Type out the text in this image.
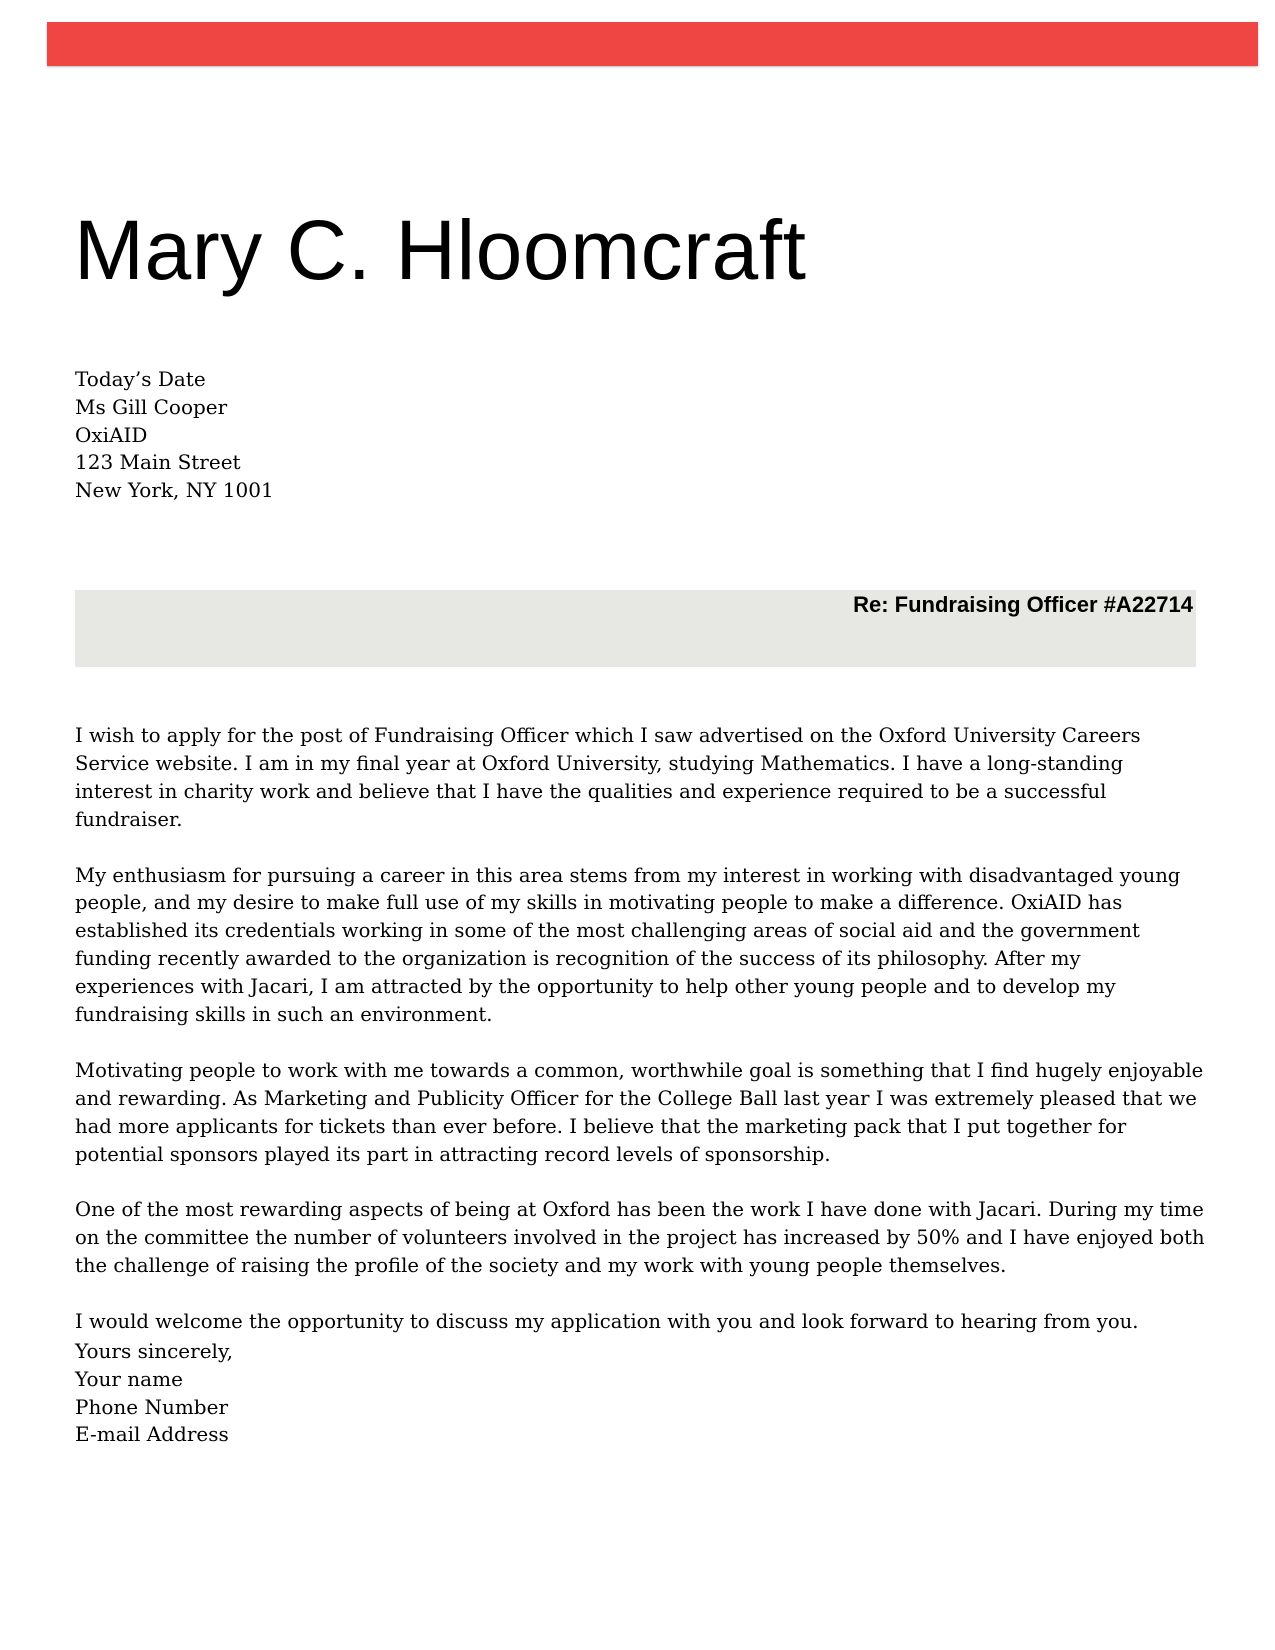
Mary C. Hloomcraft
Today’s Date
Ms Gill Cooper
OxiAID
123 Main Street
New York, NY 1001
Re: Fundraising Officer #A22714

I wish to apply for the post of Fundraising Officer which I saw advertised on the Oxford University Careers Service website. I am in my final year at Oxford University, studying Mathematics. I have a long-standing interest in charity work and believe that I have the qualities and experience required to be a successful fundraiser.

My enthusiasm for pursuing a career in this area stems from my interest in working with disadvantaged young people, and my desire to make full use of my skills in motivating people to make a difference. OxiAID has established its credentials working in some of the most challenging areas of social aid and the government funding recently awarded to the organization is recognition of the success of its philosophy. After my experiences with Jacari, I am attracted by the opportunity to help other young people and to develop my fundraising skills in such an environment.

Motivating people to work with me towards a common, worthwhile goal is something that I find hugely enjoyable and rewarding. As Marketing and Publicity Officer for the College Ball last year I was extremely pleased that we had more applicants for tickets than ever before. I believe that the marketing pack that I put together for potential sponsors played its part in attracting record levels of sponsorship.

One of the most rewarding aspects of being at Oxford has been the work I have done with Jacari. During my time on the committee the number of volunteers involved in the project has increased by 50% and I have enjoyed both the challenge of raising the profile of the society and my work with young people themselves.

I would welcome the opportunity to discuss my application with you and look forward to hearing from you.

Yours sincerely,
Your name
Phone Number
E-mail Address
